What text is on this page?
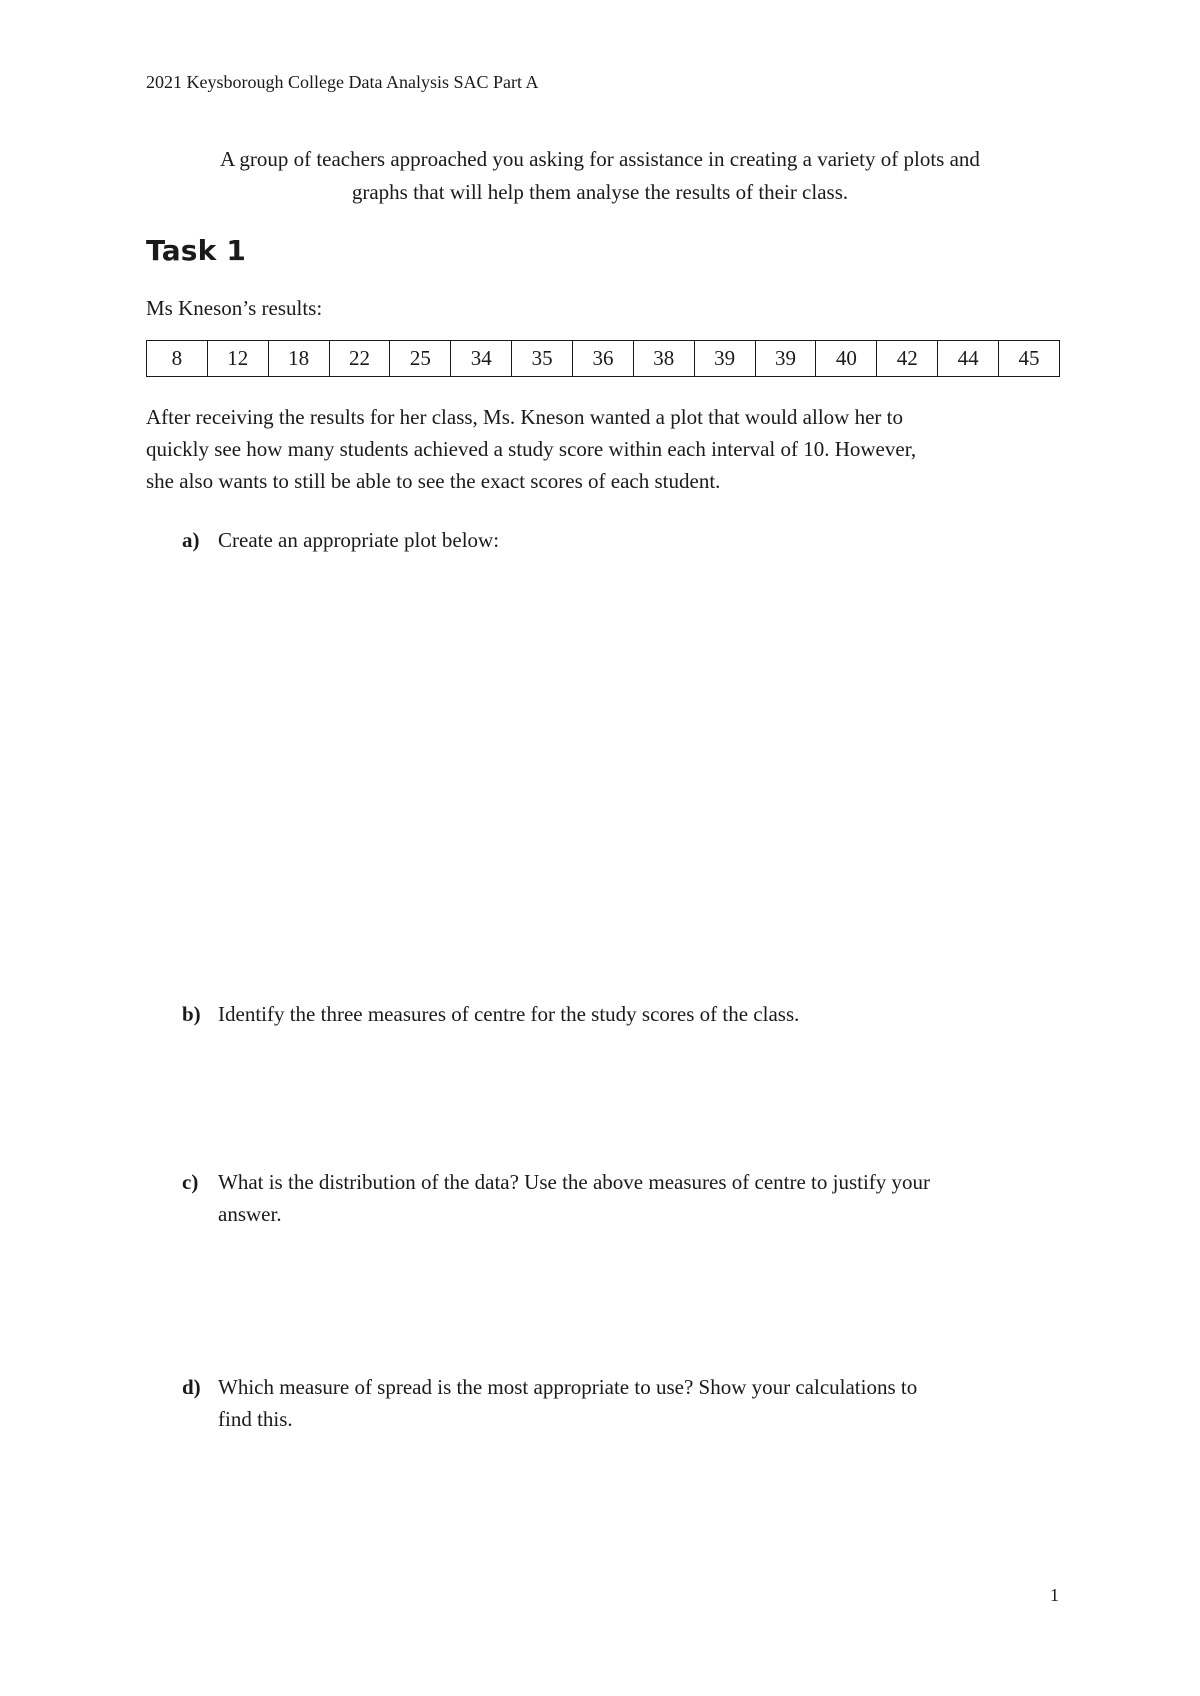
2021 Keysborough College Data Analysis SAC Part A
A group of teachers approached you asking for assistance in creating a variety of plots and
graphs that will help them analyse the results of their class.
Task 1
Ms Kneson’s results:
8	12	18	22	25	34	35	36	38	39	39	40	42	44	45
After receiving the results for her class, Ms. Kneson wanted a plot that would allow her to
quickly see how many students achieved a study score within each interval of 10. However,
she also wants to still be able to see the exact scores of each student.
a) Create an appropriate plot below:
b) Identify the three measures of centre for the study scores of the class.
c) What is the distribution of the data? Use the above measures of centre to justify your
answer.
d) Which measure of spread is the most appropriate to use? Show your calculations to
find this.
1
